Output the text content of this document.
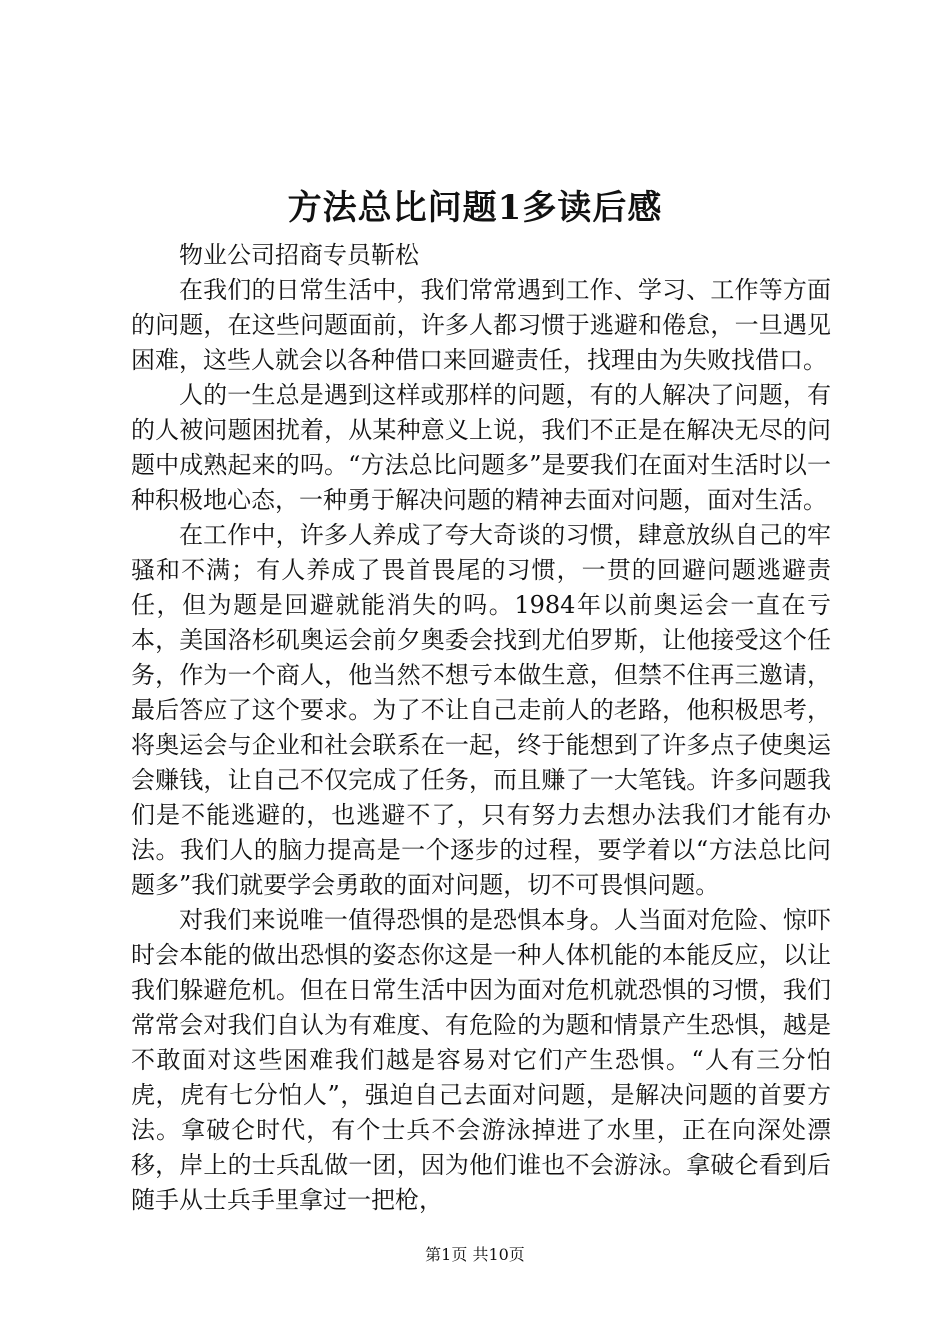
方法总比问题1多读后感

物业公司招商专员靳松

在我们的日常生活中，我们常常遇到工作、学习、工作等方面的问题，在这些问题面前，许多人都习惯于逃避和倦怠，一旦遇见困难，这些人就会以各种借口来回避责任，找理由为失败找借口。

人的一生总是遇到这样或那样的问题，有的人解决了问题，有的人被问题困扰着，从某种意义上说，我们不正是在解决无尽的问题中成熟起来的吗。“方法总比问题多”是要我们在面对生活时以一种积极地心态，一种勇于解决问题的精神去面对问题，面对生活。

在工作中，许多人养成了夸大奇谈的习惯，肆意放纵自己的牢骚和不满；有人养成了畏首畏尾的习惯，一贯的回避问题逃避责任，但为题是回避就能消失的吗。1984年以前奥运会一直在亏本，美国洛杉矶奥运会前夕奥委会找到尤伯罗斯，让他接受这个任务，作为一个商人，他当然不想亏本做生意，但禁不住再三邀请，最后答应了这个要求。为了不让自己走前人的老路，他积极思考，将奥运会与企业和社会联系在一起，终于能想到了许多点子使奥运会赚钱，让自己不仅完成了任务，而且赚了一大笔钱。许多问题我们是不能逃避的，也逃避不了，只有努力去想办法我们才能有办法。我们人的脑力提高是一个逐步的过程，要学着以“方法总比问题多”我们就要学会勇敢的面对问题，切不可畏惧问题。

对我们来说唯一值得恐惧的是恐惧本身。人当面对危险、惊吓时会本能的做出恐惧的姿态你这是一种人体机能的本能反应，以让我们躲避危机。但在日常生活中因为面对危机就恐惧的习惯，我们常常会对我们自认为有难度、有危险的为题和情景产生恐惧，越是不敢面对这些困难我们越是容易对它们产生恐惧。“人有三分怕虎，虎有七分怕人”，强迫自己去面对问题，是解决问题的首要方法。拿破仑时代，有个士兵不会游泳掉进了水里，正在向深处漂移，岸上的士兵乱做一团，因为他们谁也不会游泳。拿破仑看到后随手从士兵手里拿过一把枪，

第1页 共10页
